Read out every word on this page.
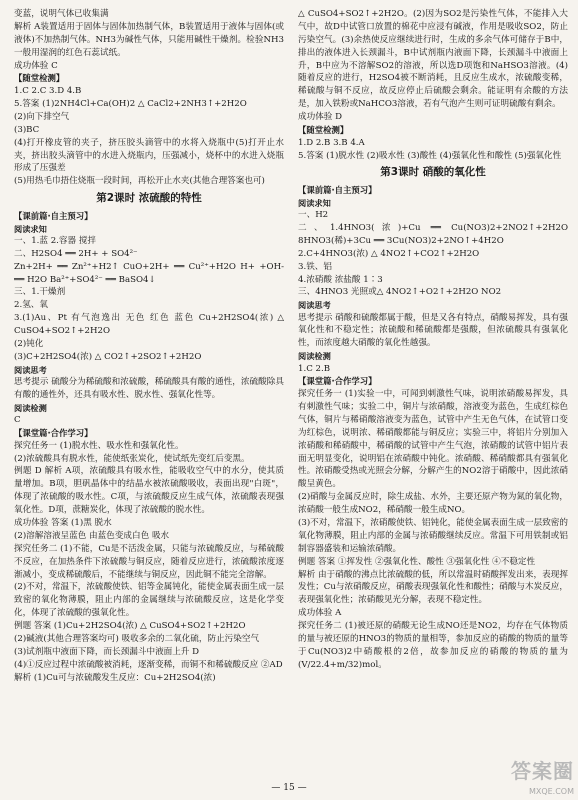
变蓝，说明气体已收集满

解析 A装置适用于固体与固体加热制气体，B装置适用于液体与固体(或液体)不加热制气体。NH3为碱性气体，只能用碱性干燥剂。检验NH3一般用湿润的红色石蕊试纸。

成功体验 C

【随堂检测】

1.C 2.C 3.D 4.B

5.答案 (1)2NH4Cl+Ca(OH)2 △ CaCl2+2NH3↑+2H2O

(2)向下排空气

(3)BC

(4)打开橡皮管的夹子，挤压胶头滴管中的水将入烧瓶中(5)打开止水夹，挤出胶头滴管中的水进入烧瓶内，压强减小，烧杯中的水进入烧瓶形成了压强差

(5)用热毛巾捂住烧瓶一段时间，再松开止水夹(其他合理答案也可)

第2课时 浓硫酸的特性

【课前篇·自主预习】

阅读求知

一、1.蓝 2.容器 搅拌

二、H2SO4 ══ 2H+ + SO4²⁻

Zn+2H+ ══ Zn²⁺+H2↑ CuO+2H+ ══ Cu²⁺+H2O H+ +OH- ══ H2O Ba²⁺+SO4²⁻ ══ BaSO4↓

三、1.干燥剂

2.氢、氧

3.(1)Au、Pt 有气泡逸出 无色 红色 蓝色 Cu+2H2SO4(浓) △ CuSO4+SO2↑+2H2O

(2)钝化

(3)C+2H2SO4(浓) △ CO2↑+2SO2↑+2H2O

阅读思考

思考提示 硫酸分为稀硫酸和浓硫酸，稀硫酸具有酸的通性，浓硫酸除具有酸的通性外，还具有吸水性、脱水性、强氧化性等。

阅读检测

C

【课堂篇·合作学习】

探究任务一 (1)脱水性、吸水性和强氧化性。

(2)浓硫酸具有脱水性，能使纸张炭化，使试纸先变红后变黑。

例题 D 解析 A项，浓硫酸具有吸水性，能吸收空气中的水分，使其质量增加。B项，胆矾晶体中的结晶水被浓硫酸吸收，表面出现"白斑"，体现了浓硫酸的吸水性。C项，与浓硫酸反应生成气体，浓硫酸表现强氧化性。D项，蔗糖炭化，体现了浓硫酸的脱水性。

成功体验 答案 (1)黑 脱水

(2)溶解溶液呈蓝色 由蓝色变成白色 吸水

探究任务二 (1)不能，Cu是不活泼金属，只能与浓硫酸反应，与稀硫酸不反应，在加热条件下浓硫酸与铜反应，随着反应进行，浓硫酸浓度逐渐减小，变成稀硫酸后，不能继续与铜反应，因此铜不能完全溶解。

(2)不对，常温下，浓硫酸使铁、铝等金属钝化，能使金属表面生成一层致密的氧化物薄膜，阻止内部的金属继续与浓硫酸反应，这是化学变化，体现了浓硫酸的强氧化性。

例题 答案 (1)Cu+2H2SO4(浓) △ CuSO4+SO2↑+2H2O

(2)碱液(其他合理答案均可) 吸收多余的二氧化硫，防止污染空气

(3)试剂瓶中液面下降，而长颈漏斗中液面上升 D

(4)①反应过程中浓硫酸被消耗，逐渐变稀，而铜不和稀硫酸反应 ②AD

解析 (1)Cu可与浓硫酸发生反应：Cu+2H2SO4(浓)

△ CuSO4+SO2↑+2H2O。(2)因为SO2是污染性气体，不能排入大气中，故D中试管口放置的棉花中应浸有碱液，作用是吸收SO2，防止污染空气。(3)余热使反应继续进行时，生成的多余气体可储存于B中，排出的液体进入长颈漏斗，B中试剂瓶内液面下降，长颈漏斗中液面上升，B中应为不溶解SO2的溶液，所以选D项饱和NaHSO3溶液。(4)随着反应的进行，H2SO4被不断消耗，且反应生成水，浓硫酸变稀，稀硫酸与铜不反应，故反应停止后硫酸会剩余。能证明有余酸的方法是，加入铁粉或NaHCO3溶液，若有气泡产生则可证明硫酸有剩余。

成功体验 D

【随堂检测】

1.D 2.B 3.B 4.A

5.答案 (1)脱水性 (2)吸水性 (3)酸性 (4)强氧化性和酸性 (5)强氧化性

第3课时 硝酸的氧化性

【课前篇·自主预习】

阅读求知

一、H2

二、1.4HNO3(浓)+Cu ══ Cu(NO3)2+2NO2↑+2H2O 8HNO3(稀)+3Cu ══ 3Cu(NO3)2+2NO↑+4H2O

2.C+4HNO3(浓) △ 4NO2↑+CO2↑+2H2O

3.铁、铝

4.浓硝酸 浓盐酸 1∶3

三、4HNO3 光照或△ 4NO2↑+O2↑+2H2O NO2

阅读思考

思考提示 硝酸和硫酸都属于酸，但是又各有特点，硝酸易挥发，具有强氧化性和不稳定性；浓硫酸和稀硫酸都是强酸，但浓硫酸具有强氧化性，而浓度越大硝酸的氧化性越强。

阅读检测

1.C 2.B

【课堂篇·合作学习】

探究任务一 (1)实验一中，可闻到刺激性气味，说明浓硝酸易挥发，具有刺激性气味；实验二中，铜片与浓硝酸，溶液变为蓝色，生成红棕色气体，铜片与稀硝酸溶液变为蓝色，试管中产生无色气体，在试管口变为红棕色，说明浓、稀硝酸都能与铜反应；实验三中，将铝片分别加入浓硝酸和稀硝酸中，稀硝酸的试管中产生气泡，浓硝酸的试管中铝片表面无明显变化，说明铝在浓硝酸中钝化。浓硝酸、稀硝酸都具有强氧化性。浓硝酸受热或光照会分解，分解产生的NO2溶于硝酸中，因此浓硝酸呈黄色。

(2)硝酸与金属反应时，除生成盐、水外，主要还原产物为氮的氧化物，浓硝酸一般生成NO2，稀硝酸一般生成NO。

(3)不对，常温下，浓硝酸使铁、铝钝化，能使金属表面生成一层致密的氧化物薄膜，阻止内部的金属与浓硝酸继续反应。常温下可用铁制或铝制容器盛装和运输浓硝酸。

例题 答案 ①挥发性 ②强氧化性、酸性 ③强氧化性 ④不稳定性

解析 由于硝酸的沸点比浓硫酸的低，所以常温时硝酸挥发出来，表现挥发性；Cu与浓硝酸反应，硝酸表现强氧化性和酸性；硝酸与木炭反应，表现强氧化性；浓硝酸见光分解，表现不稳定性。

成功体验 A

探究任务二 (1)被还原的硝酸无论生成NO还是NO2，均存在气体物质的量与被还原的HNO3的物质的量相等，参加反应的硝酸的物质的量等于Cu(NO3)2中硝酸根的2倍，故参加反应的硝酸的物质的量为(V/22.4+m/32)mol。

— 15 —
答案圈
MXQE.COM
